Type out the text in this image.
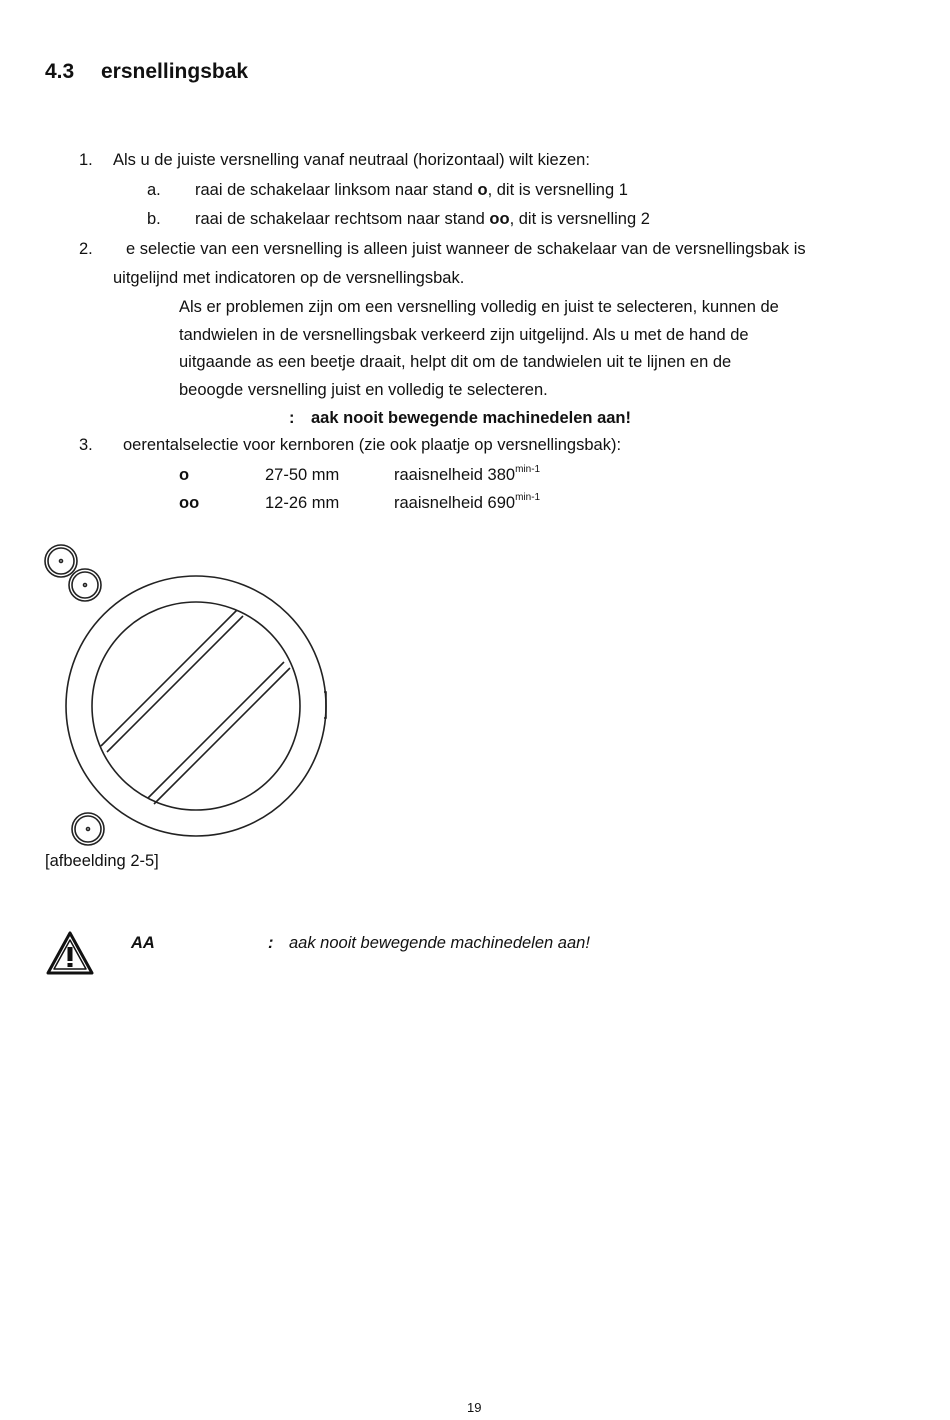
4.3 ersnellingsbak
1. Als u de juiste versnelling vanaf neutraal (horizontaal) wilt kiezen:
a. raai de schakelaar linksom naar stand o, dit is versnelling 1
b. raai de schakelaar rechtsom naar stand oo, dit is versnelling 2
2. e selectie van een versnelling is alleen juist wanneer de schakelaar van de versnellingsbak is
uitgelijnd met indicatoren op de versnellingsbak.
Als er problemen zijn om een versnelling volledig en juist te selecteren, kunnen de
tandwielen in de versnellingsbak verkeerd zijn uitgelijnd. Als u met de hand de
uitgaande as een beetje draait, helpt dit om de tandwielen uit te lijnen en de
beoogde versnelling juist en volledig te selecteren.
: aak nooit bewegende machinedelen aan!
3. oerentalselectie voor kernboren (zie ook plaatje op versnellingsbak):
o	27-50 mm	raaisnelheid $380^{min-1}$
oo	12-26 mm	raaisnelheid $690^{min-1}$
[afbeelding 2-5]
AA	: aak nooit bewegende machinedelen aan!
19
